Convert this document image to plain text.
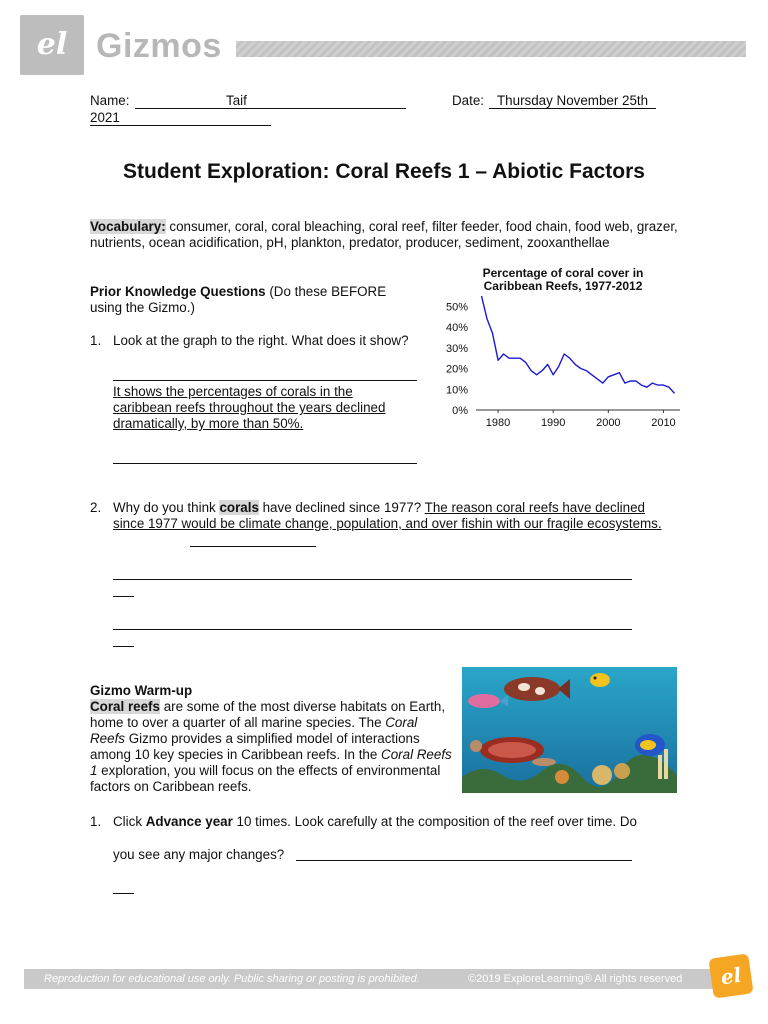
el Gizmos
Name:	Taif	Date: Thursday November 25th
2021
Student Exploration: Coral Reefs 1 – Abiotic Factors
Vocabulary: consumer, coral, coral bleaching, coral reef, filter feeder, food chain, food web, grazer, nutrients, ocean acidification, pH, plankton, predator, producer, sediment, zooxanthellae
Prior Knowledge Questions (Do these BEFORE using the Gizmo.)
1. Look at the graph to the right. What does it show?
It shows the percentages of corals in the caribbean reefs throughout the years declined dramatically, by more than 50%.
Percentage of coral cover in
Caribbean Reefs, 1977-2012
0%
10%
20%
30%
40%
50%
1980	1990	2000	2010
2. Why do you think corals have declined since 1977? The reason coral reefs have declined since 1977 would be climate change, population, and over fishin with our fragile ecosystems.
Gizmo Warm-up
Coral reefs are some of the most diverse habitats on Earth, home to over a quarter of all marine species. The Coral Reefs Gizmo provides a simplified model of interactions among 10 key species in Caribbean reefs. In the Coral Reefs 1 exploration, you will focus on the effects of environmental factors on Caribbean reefs.
1. Click Advance year 10 times. Look carefully at the composition of the reef over time. Do
you see any major changes?
Reproduction for educational use only. Public sharing or posting is prohibited.	©2019 ExploreLearning® All rights reserved	el
